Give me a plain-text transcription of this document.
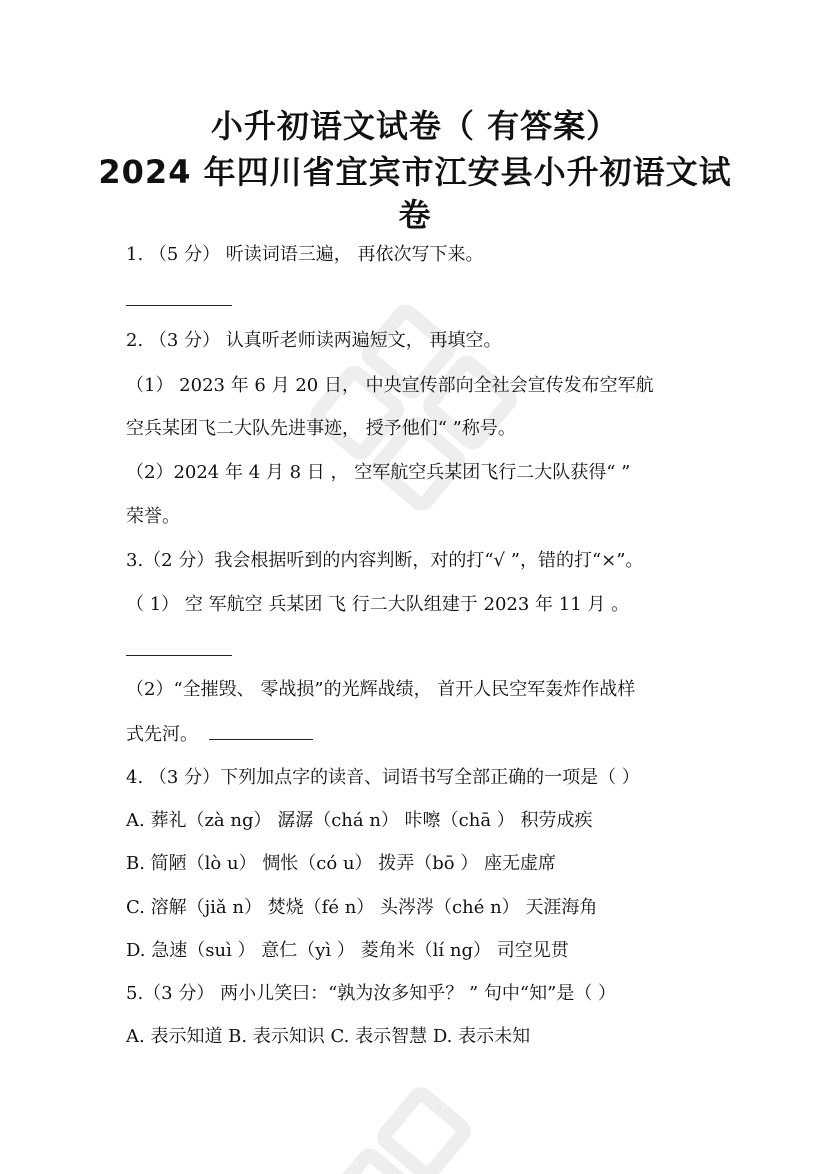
小升初语文试卷（ 有答案）
2024 年四川省宜宾市江安县小升初语文试
卷

1. （5 分） 听读词语三遍， 再依次写下来。

2. （3 分） 认真听老师读两遍短文， 再填空。

（1） 2023 年 6 月 20 日， 中央宣传部向全社会宣传发布空军航

空兵某团飞二大队先进事迹， 授予他们“ ”称号。

（2）2024 年 4 月 8 日 ， 空军航空兵某团飞行二大队获得“ ”

荣誉。

3.（2 分）我会根据听到的内容判断，对的打“√ ”，错的打“×”。

（ 1） 空 军航空 兵某团 飞 行二大队组建于 2023 年 11 月 。

（2）“全摧毁、 零战损”的光辉战绩， 首开人民空军轰炸作战样

式先河。

4. （3 分）下列加点字的读音、词语书写全部正确的一项是（ ）

A. 葬礼（zà ng） 潺潺（chá n） 咔嚓（chā ） 积劳成疾

B. 简陋（lò u） 惆怅（có u） 拨弄（bō ） 座无虚席

C. 溶解（jiǎ n） 焚烧（fé n） 头涔涔（ché n） 天涯海角

D. 急速（suì ） 意仁（yì ） 菱角米（lí ng） 司空见贯

5.（3 分） 两小儿笑曰：“孰为汝多知乎？ ” 句中“知”是（ ）

A. 表示知道 B. 表示知识 C. 表示智慧 D. 表示未知
